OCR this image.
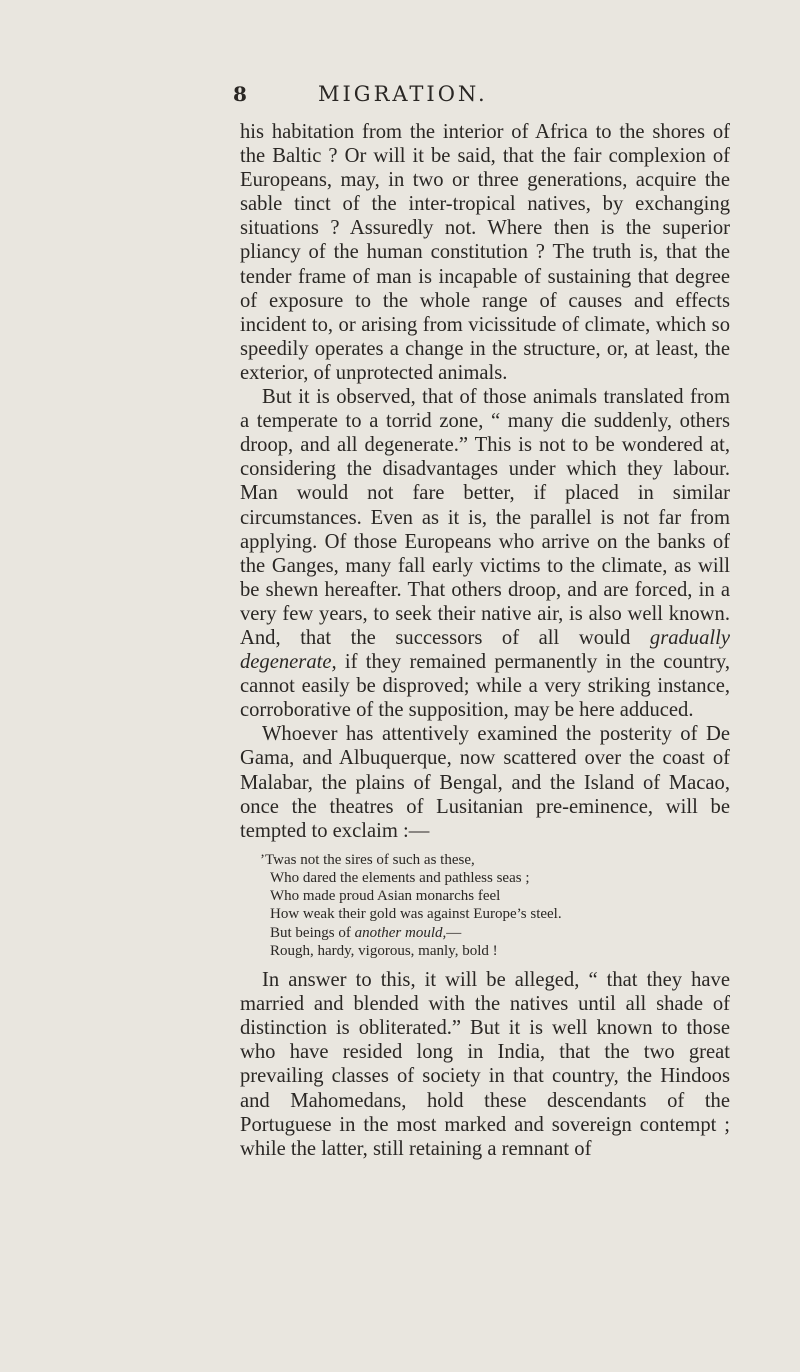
8	MIGRATION.

his habitation from the interior of Africa to the shores of the Baltic ? Or will it be said, that the fair complexion of Europeans, may, in two or three generations, acquire the sable tinct of the inter-tropical natives, by exchanging situations ? Assuredly not. Where then is the superior pliancy of the human constitution ? The truth is, that the tender frame of man is incapable of sustaining that degree of exposure to the whole range of causes and effects incident to, or arising from vicissitude of climate, which so speedily operates a change in the structure, or, at least, the exterior, of unprotected animals.

But it is observed, that of those animals translated from a temperate to a torrid zone, “ many die suddenly, others droop, and all degenerate.” This is not to be wondered at, considering the disadvantages under which they labour. Man would not fare better, if placed in similar circumstances. Even as it is, the parallel is not far from applying. Of those Europeans who arrive on the banks of the Ganges, many fall early victims to the climate, as will be shewn hereafter. That others droop, and are forced, in a very few years, to seek their native air, is also well known. And, that the successors of all would gradually degenerate, if they remained permanently in the country, cannot easily be disproved; while a very striking instance, corroborative of the supposition, may be here adduced.

Whoever has attentively examined the posterity of De Gama, and Albuquerque, now scattered over the coast of Malabar, the plains of Bengal, and the Island of Macao, once the theatres of Lusitanian pre-eminence, will be tempted to exclaim :—

’Twas not the sires of such as these,
Who dared the elements and pathless seas ;
Who made proud Asian monarchs feel
How weak their gold was against Europe’s steel.
But beings of another mould,—
Rough, hardy, vigorous, manly, bold !

In answer to this, it will be alleged, “ that they have married and blended with the natives until all shade of distinction is obliterated.” But it is well known to those who have resided long in India, that the two great prevailing classes of society in that country, the Hindoos and Mahomedans, hold these descendants of the Portuguese in the most marked and sovereign contempt ; while the latter, still retaining a remnant of
